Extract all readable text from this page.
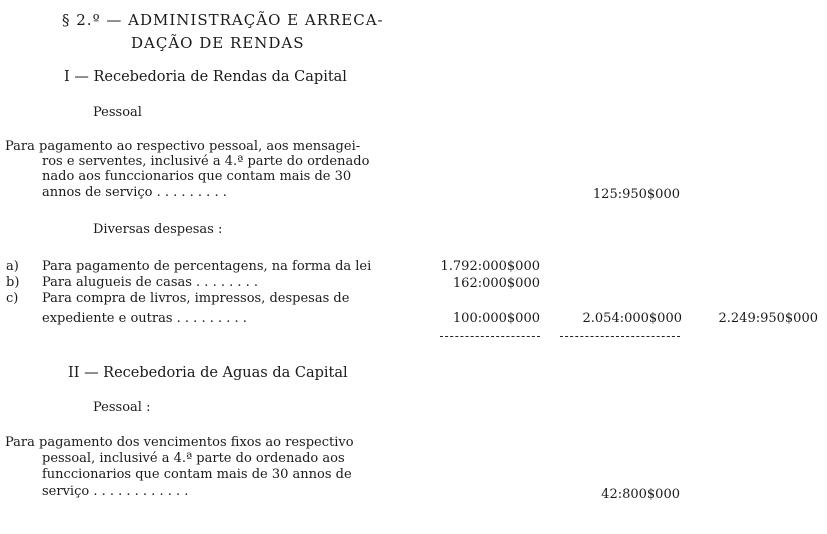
§ 2.º — ADMINISTRAÇÃO E ARRECA-
DAÇÃO DE RENDAS
I — Recebedoria de Rendas da Capital
Pessoal
Para pagamento ao respectivo pessoal, aos mensagei-
ros e serventes, inclusivé a 4.ª parte do ordenado
nado aos funccionarios que contam mais de 30
annos de serviço . . . . . . . . .	125:950$000
Diversas despesas :
a) Para pagamento de percentagens, na forma da lei	1.792:000$000
b) Para alugueis de casas . . . . . . . .	162:000$000
c) Para compra de livros, impressos, despesas de
expediente e outras . . . . . . . . .	100:000$000	2.054:000$000	2.249:950$000
II — Recebedoria de Aguas da Capital
Pessoal :
Para pagamento dos vencimentos fixos ao respectivo
pessoal, inclusivé a 4.ª parte do ordenado aos
funccionarios que contam mais de 30 annos de
serviço . . . . . . . . . . . .	42:800$000
